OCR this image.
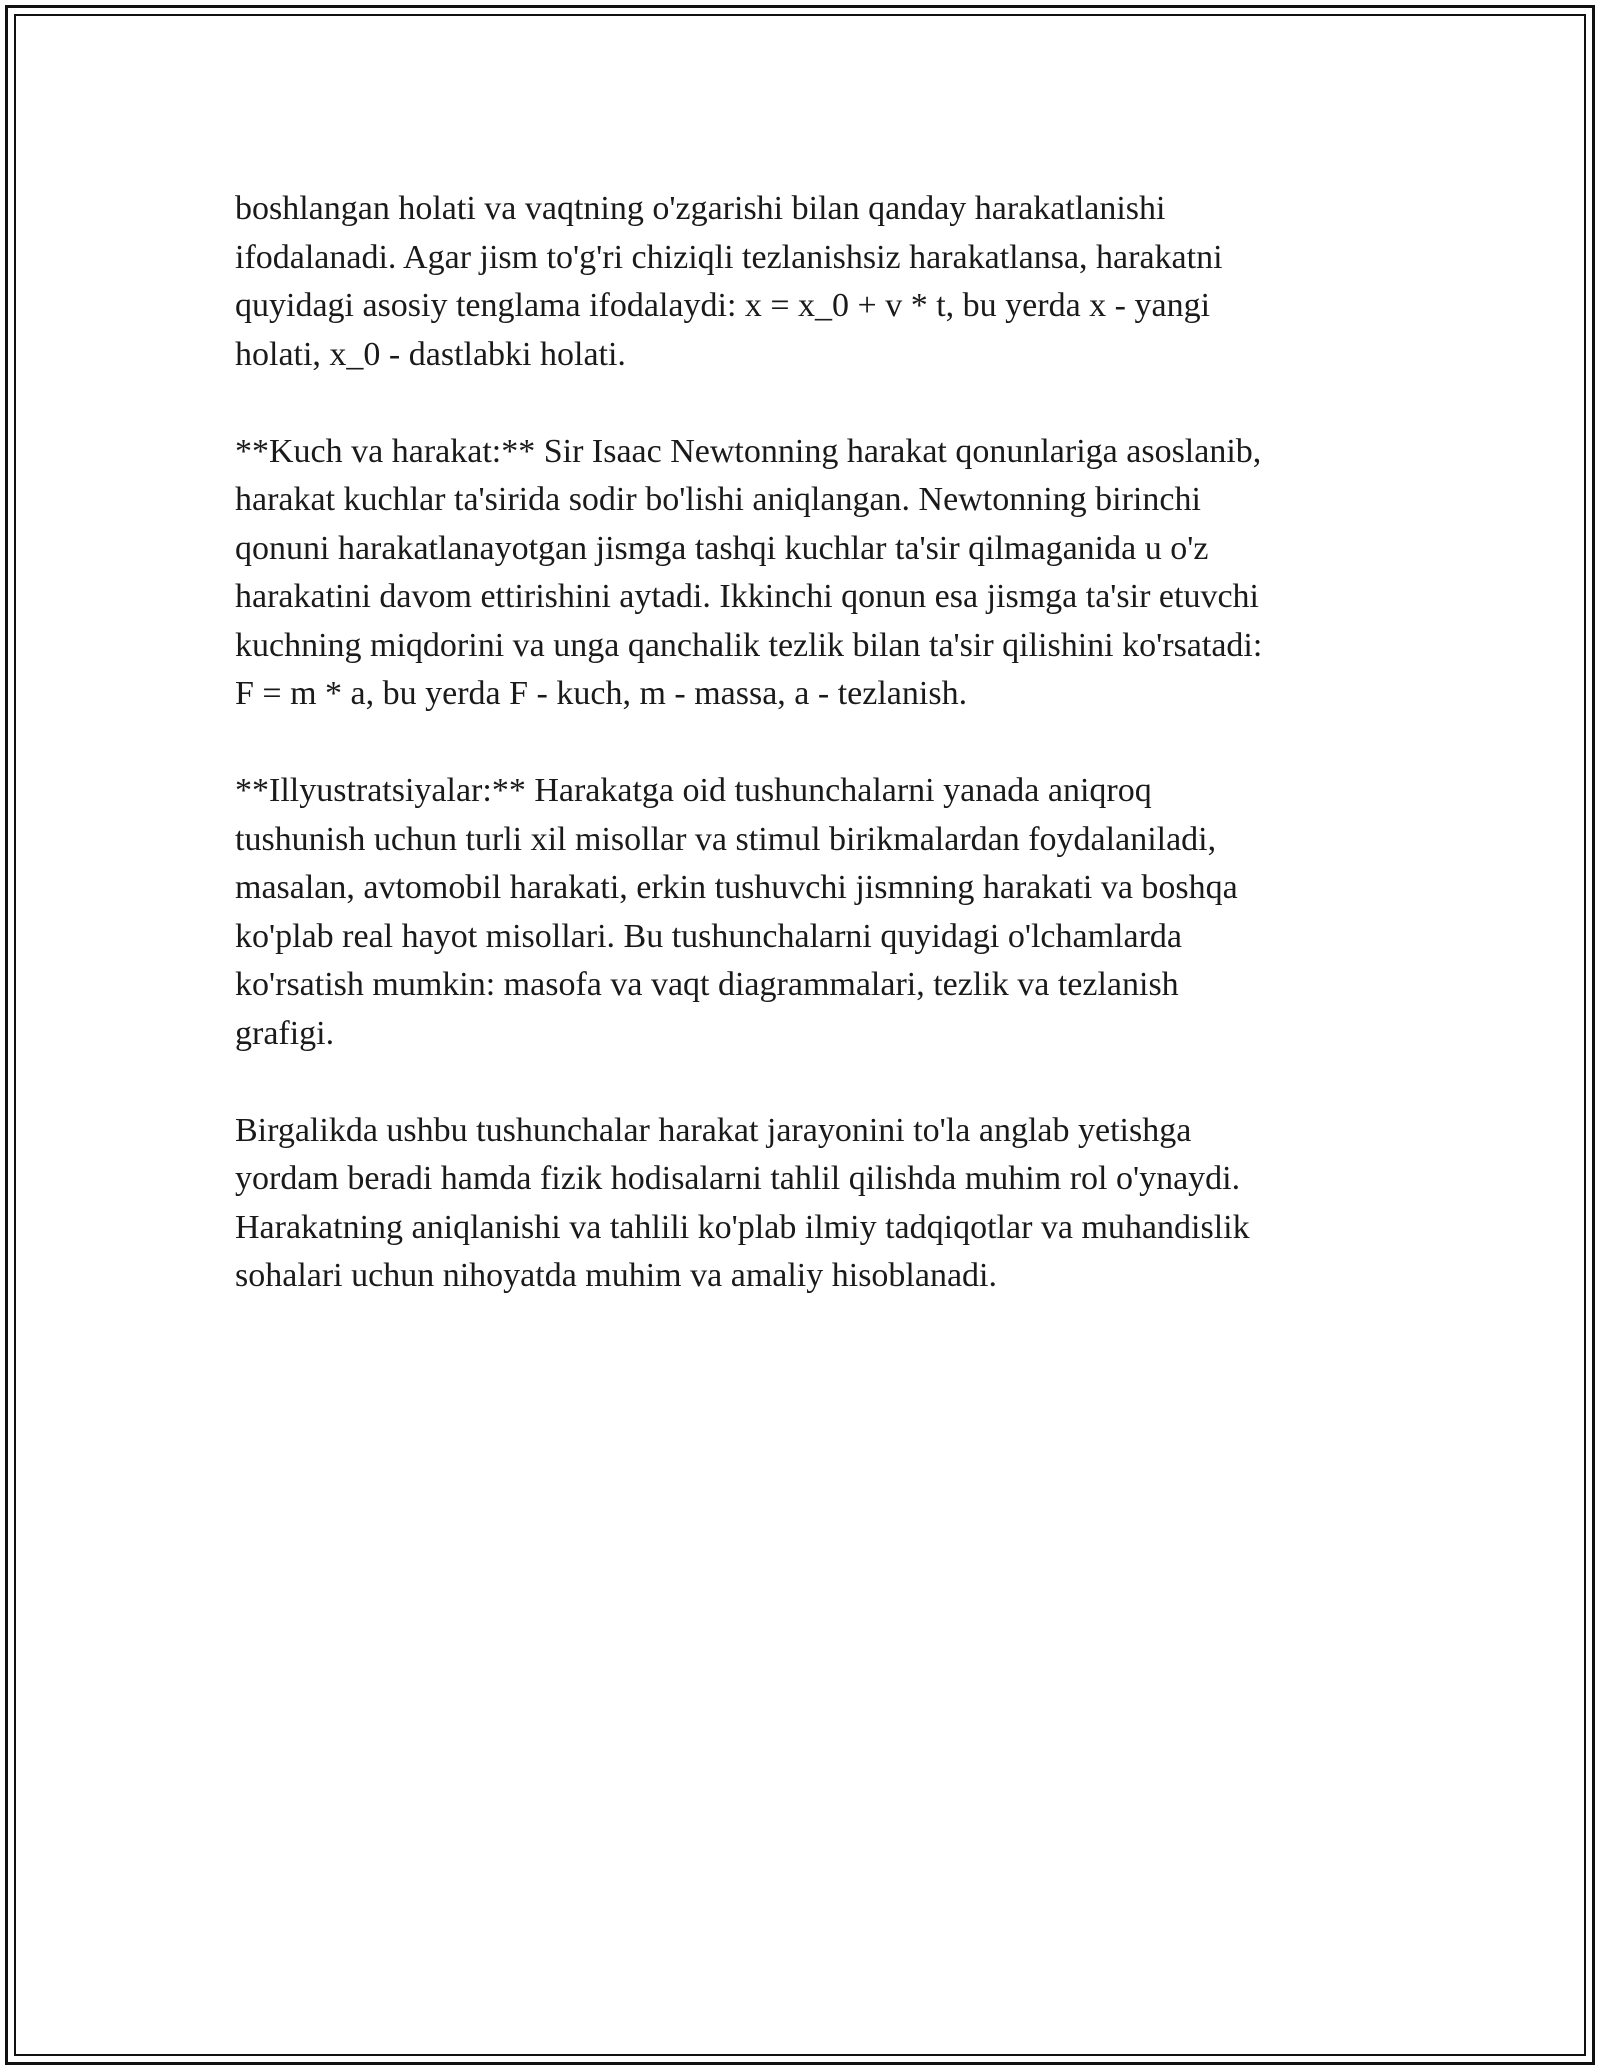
boshlangan holati va vaqtning o'zgarishi bilan qanday harakatlanishi
ifodalanadi. Agar jism to'g'ri chiziqli tezlanishsiz harakatlansa, harakatni
quyidagi asosiy tenglama ifodalaydi: x = x_0 + v * t, bu yerda x - yangi
holati, x_0 - dastlabki holati.

**Kuch va harakat:** Sir Isaac Newtonning harakat qonunlariga asoslanib,
harakat kuchlar ta'sirida sodir bo'lishi aniqlangan. Newtonning birinchi
qonuni harakatlanayotgan jismga tashqi kuchlar ta'sir qilmaganida u o'z
harakatini davom ettirishini aytadi. Ikkinchi qonun esa jismga ta'sir etuvchi
kuchning miqdorini va unga qanchalik tezlik bilan ta'sir qilishini ko'rsatadi:
F = m * a, bu yerda F - kuch, m - massa, a - tezlanish.

**Illyustratsiyalar:** Harakatga oid tushunchalarni yanada aniqroq
tushunish uchun turli xil misollar va stimul birikmalardan foydalaniladi,
masalan, avtomobil harakati, erkin tushuvchi jismning harakati va boshqa
ko'plab real hayot misollari. Bu tushunchalarni quyidagi o'lchamlarda
ko'rsatish mumkin: masofa va vaqt diagrammalari, tezlik va tezlanish
grafigi.

Birgalikda ushbu tushunchalar harakat jarayonini to'la anglab yetishga
yordam beradi hamda fizik hodisalarni tahlil qilishda muhim rol o'ynaydi.
Harakatning aniqlanishi va tahlili ko'plab ilmiy tadqiqotlar va muhandislik
sohalari uchun nihoyatda muhim va amaliy hisoblanadi.
